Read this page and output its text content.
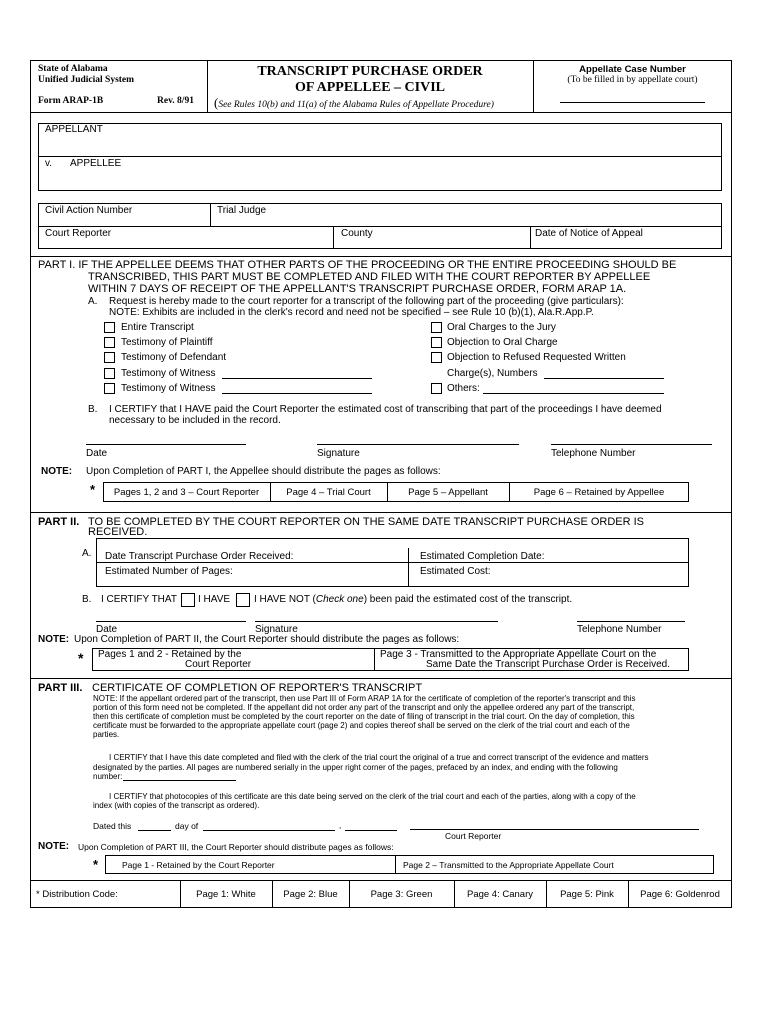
State of Alabama
Unified Judicial System
Form ARAP-1B	Rev. 8/91
TRANSCRIPT PURCHASE ORDER
OF APPELLEE – CIVIL
(See Rules 10(b) and 11(a) of the Alabama Rules of Appellate Procedure)
Appellate Case Number
(To be filled in by appellate court)
APPELLANT
v. APPELLEE
Civil Action Number	Trial Judge
Court Reporter	County	Date of Notice of Appeal
PART I. IF THE APPELLEE DEEMS THAT OTHER PARTS OF THE PROCEEDING OR THE ENTIRE PROCEEDING SHOULD BE
TRANSCRIBED, THIS PART MUST BE COMPLETED AND FILED WITH THE COURT REPORTER BY APPELLEE
WITHIN 7 DAYS OF RECEIPT OF THE APPELLANT'S TRANSCRIPT PURCHASE ORDER, FORM ARAP 1A.
A. Request is hereby made to the court reporter for a transcript of the following part of the proceeding (give particulars):
NOTE: Exhibits are included in the clerk's record and need not be specified – see Rule 10 (b)(1), Ala.R.App.P.
Entire Transcript
Testimony of Plaintiff
Testimony of Defendant
Testimony of Witness
Testimony of Witness
Oral Charges to the Jury
Objection to Oral Charge
Objection to Refused Requested Written
Charge(s), Numbers
Others:
B. I CERTIFY that I HAVE paid the Court Reporter the estimated cost of transcribing that part of the proceedings I have deemed
necessary to be included in the record.
Date	Signature	Telephone Number
NOTE: Upon Completion of PART I, the Appellee should distribute the pages as follows:
*	Pages 1, 2 and 3 – Court Reporter	Page 4 – Trial Court	Page 5 – Appellant	Page 6 – Retained by Appellee
PART II. TO BE COMPLETED BY THE COURT REPORTER ON THE SAME DATE TRANSCRIPT PURCHASE ORDER IS
RECEIVED.
A. Date Transcript Purchase Order Received:	Estimated Completion Date:
Estimated Number of Pages:	Estimated Cost:
B. I CERTIFY THAT I HAVE I HAVE NOT (Check one) been paid the estimated cost of the transcript.
Date	Signature	Telephone Number
NOTE: Upon Completion of PART II, the Court Reporter should distribute the pages as follows:
* Pages 1 and 2 - Retained by the
Court Reporter
Page 3 - Transmitted to the Appropriate Appellate Court on the
Same Date the Transcript Purchase Order is Received.
PART III. CERTIFICATE OF COMPLETION OF REPORTER'S TRANSCRIPT
NOTE: If the appellant ordered part of the transcript, then use Part III of Form ARAP 1A for the certificate of completion of the reporter's transcript and this
portion of this form need not be completed. If the appellant did not order any part of the transcript and only the appellee ordered any part of the transcript,
then this certificate of completion must be completed by the court reporter on the date of filing of transcript in the trial court. On the day of completion, this
certificate must be forwarded to the appropriate appellate court (page 2) and copies thereof shall be served on the clerk of the trial court and each of the
parties.
I CERTIFY that I have this date completed and filed with the clerk of the trial court the original of a true and correct transcript of the evidence and matters
designated by the parties. All pages are numbered serially in the upper right corner of the pages, prefaced by an index, and ending with the following
number:
I CERTIFY that photocopies of this certificate are this date being served on the clerk of the trial court and each of the parties, along with a copy of the
index (with copies of the transcript as ordered).
Dated this	day of	,
Court Reporter
NOTE: Upon Completion of PART III, the Court Reporter should distribute pages as follows:
*	Page 1 - Retained by the Court Reporter	Page 2 – Transmitted to the Appropriate Appellate Court
* Distribution Code:	Page 1: White	Page 2: Blue	Page 3: Green	Page 4: Canary	Page 5: Pink	Page 6: Goldenrod
